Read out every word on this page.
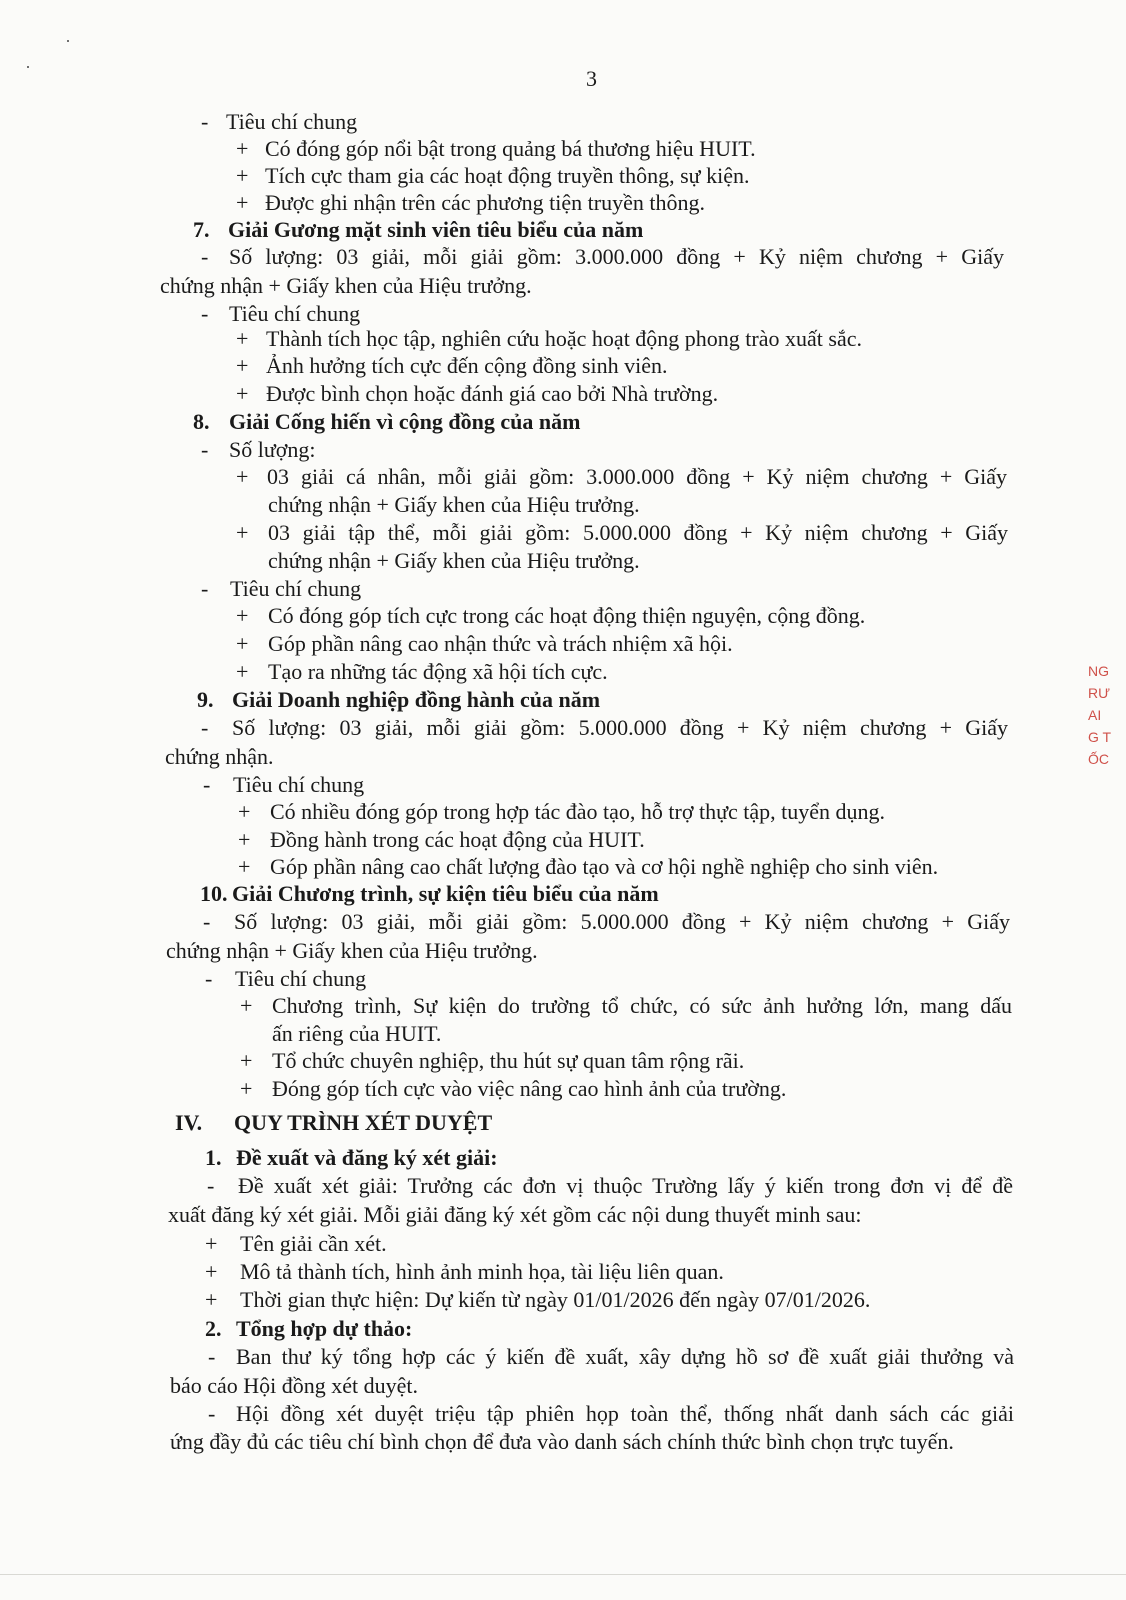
3
- Tiêu chí chung
+ Có đóng góp nổi bật trong quảng bá thương hiệu HUIT.
+ Tích cực tham gia các hoạt động truyền thông, sự kiện.
+ Được ghi nhận trên các phương tiện truyền thông.
7. Giải Gương mặt sinh viên tiêu biểu của năm
- Số lượng: 03 giải, mỗi giải gồm: 3.000.000 đồng + Kỷ niệm chương + Giấy
chứng nhận + Giấy khen của Hiệu trưởng.
- Tiêu chí chung
+ Thành tích học tập, nghiên cứu hoặc hoạt động phong trào xuất sắc.
+ Ảnh hưởng tích cực đến cộng đồng sinh viên.
+ Được bình chọn hoặc đánh giá cao bởi Nhà trường.
8. Giải Cống hiến vì cộng đồng của năm
- Số lượng:
+ 03 giải cá nhân, mỗi giải gồm: 3.000.000 đồng + Kỷ niệm chương + Giấy
chứng nhận + Giấy khen của Hiệu trưởng.
+ 03 giải tập thể, mỗi giải gồm: 5.000.000 đồng + Kỷ niệm chương + Giấy
chứng nhận + Giấy khen của Hiệu trưởng.
- Tiêu chí chung
+ Có đóng góp tích cực trong các hoạt động thiện nguyện, cộng đồng.
+ Góp phần nâng cao nhận thức và trách nhiệm xã hội.
+ Tạo ra những tác động xã hội tích cực.
9. Giải Doanh nghiệp đồng hành của năm
- Số lượng: 03 giải, mỗi giải gồm: 5.000.000 đồng + Kỷ niệm chương + Giấy
chứng nhận.
- Tiêu chí chung
+ Có nhiều đóng góp trong hợp tác đào tạo, hỗ trợ thực tập, tuyển dụng.
+ Đồng hành trong các hoạt động của HUIT.
+ Góp phần nâng cao chất lượng đào tạo và cơ hội nghề nghiệp cho sinh viên.
10. Giải Chương trình, sự kiện tiêu biểu của năm
- Số lượng: 03 giải, mỗi giải gồm: 5.000.000 đồng + Kỷ niệm chương + Giấy
chứng nhận + Giấy khen của Hiệu trưởng.
- Tiêu chí chung
+ Chương trình, Sự kiện do trường tổ chức, có sức ảnh hưởng lớn, mang dấu
ấn riêng của HUIT.
+ Tổ chức chuyên nghiệp, thu hút sự quan tâm rộng rãi.
+ Đóng góp tích cực vào việc nâng cao hình ảnh của trường.
IV. QUY TRÌNH XÉT DUYỆT
1. Đề xuất và đăng ký xét giải:
- Đề xuất xét giải: Trưởng các đơn vị thuộc Trường lấy ý kiến trong đơn vị để đề
xuất đăng ký xét giải. Mỗi giải đăng ký xét gồm các nội dung thuyết minh sau:
+ Tên giải cần xét.
+ Mô tả thành tích, hình ảnh minh họa, tài liệu liên quan.
+ Thời gian thực hiện: Dự kiến từ ngày 01/01/2026 đến ngày 07/01/2026.
2. Tổng hợp dự thảo:
- Ban thư ký tổng hợp các ý kiến đề xuất, xây dựng hồ sơ đề xuất giải thưởng và
báo cáo Hội đồng xét duyệt.
- Hội đồng xét duyệt triệu tập phiên họp toàn thể, thống nhất danh sách các giải
ứng đầy đủ các tiêu chí bình chọn để đưa vào danh sách chính thức bình chọn trực tuyến.
NG
RƯ
AI
G T
ỐC
